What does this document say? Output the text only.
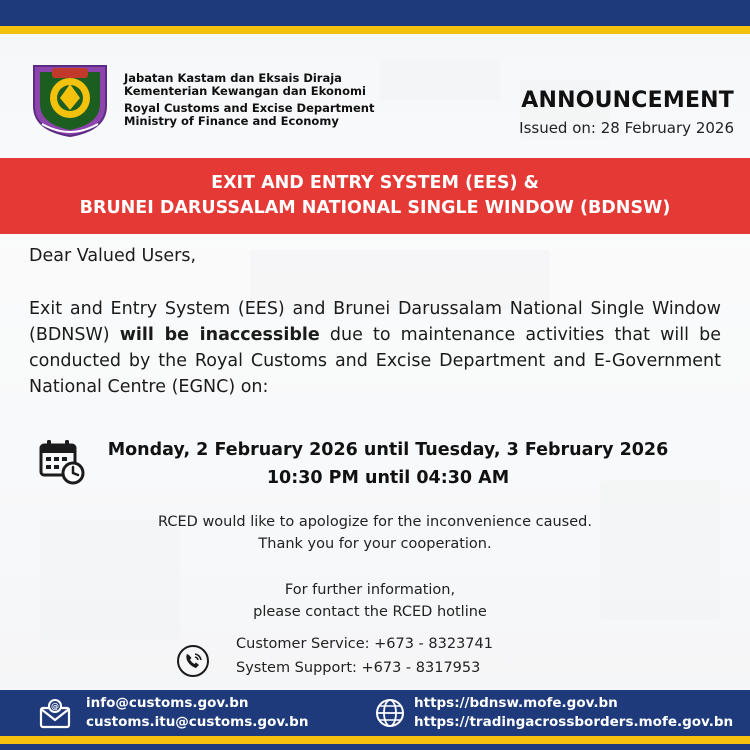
Jabatan Kastam dan Eksais Diraja
Kementerian Kewangan dan Ekonomi
Royal Customs and Excise Department
Ministry of Finance and Economy
ANNOUNCEMENT
Issued on: 28 February 2026
EXIT AND ENTRY SYSTEM (EES) &
BRUNEI DARUSSALAM NATIONAL SINGLE WINDOW (BDNSW)
Dear Valued Users,
Exit and Entry System (EES) and Brunei Darussalam National Single Window (BDNSW) will be inaccessible due to maintenance activities that will be conducted by the Royal Customs and Excise Department and E-Government National Centre (EGNC) on:
Monday, 2 February 2026 until Tuesday, 3 February 2026
10:30 PM until 04:30 AM
RCED would like to apologize for the inconvenience caused.
Thank you for your cooperation.
For further information,
please contact the RCED hotline
Customer Service: +673 - 8323741
System Support: +673 - 8317953
@ info@customs.gov.bn
customs.itu@customs.gov.bn
https://bdnsw.mofe.gov.bn
https://tradingacrossborders.mofe.gov.bn
